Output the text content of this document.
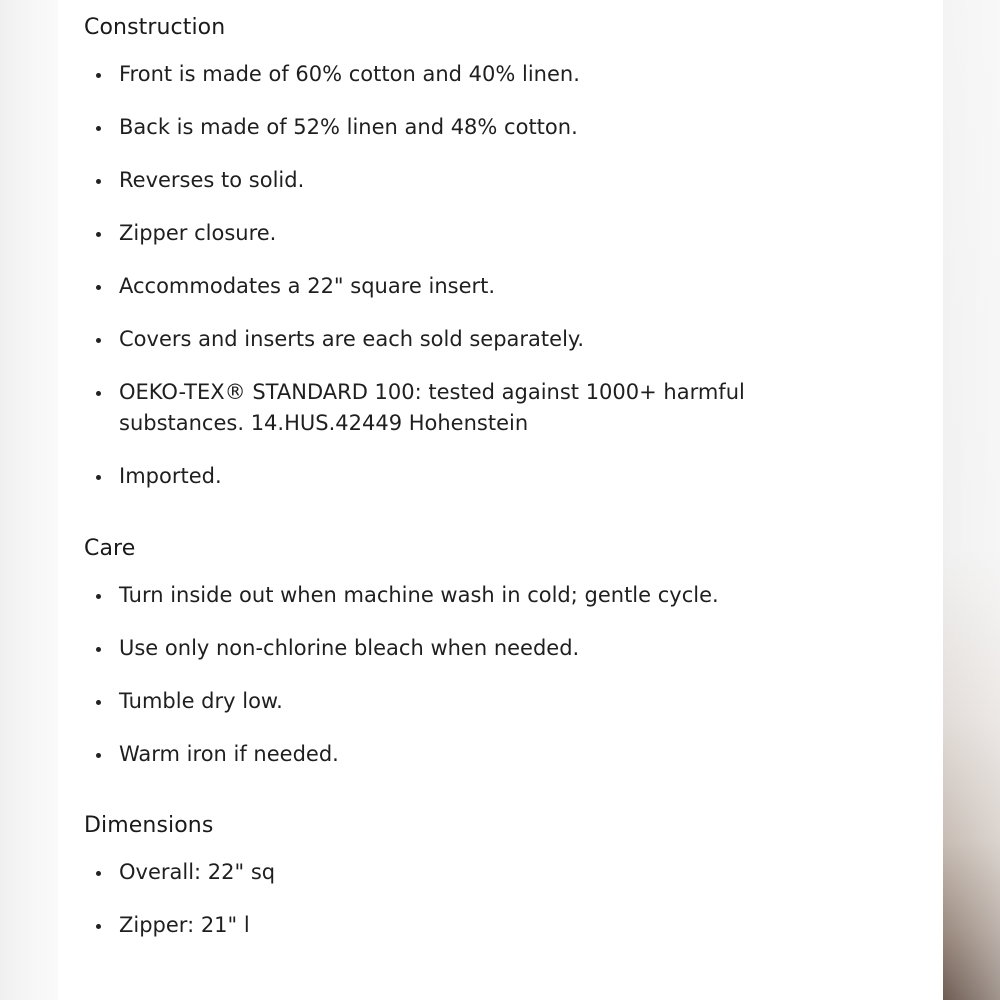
Construction
Front is made of 60% cotton and 40% linen.
Back is made of 52% linen and 48% cotton.
Reverses to solid.
Zipper closure.
Accommodates a 22" square insert.
Covers and inserts are each sold separately.
OEKO-TEX® STANDARD 100: tested against 1000+ harmful substances. 14.HUS.42449 Hohenstein
Imported.
Care
Turn inside out when machine wash in cold; gentle cycle.
Use only non-chlorine bleach when needed.
Tumble dry low.
Warm iron if needed.
Dimensions
Overall: 22" sq
Zipper: 21" l
